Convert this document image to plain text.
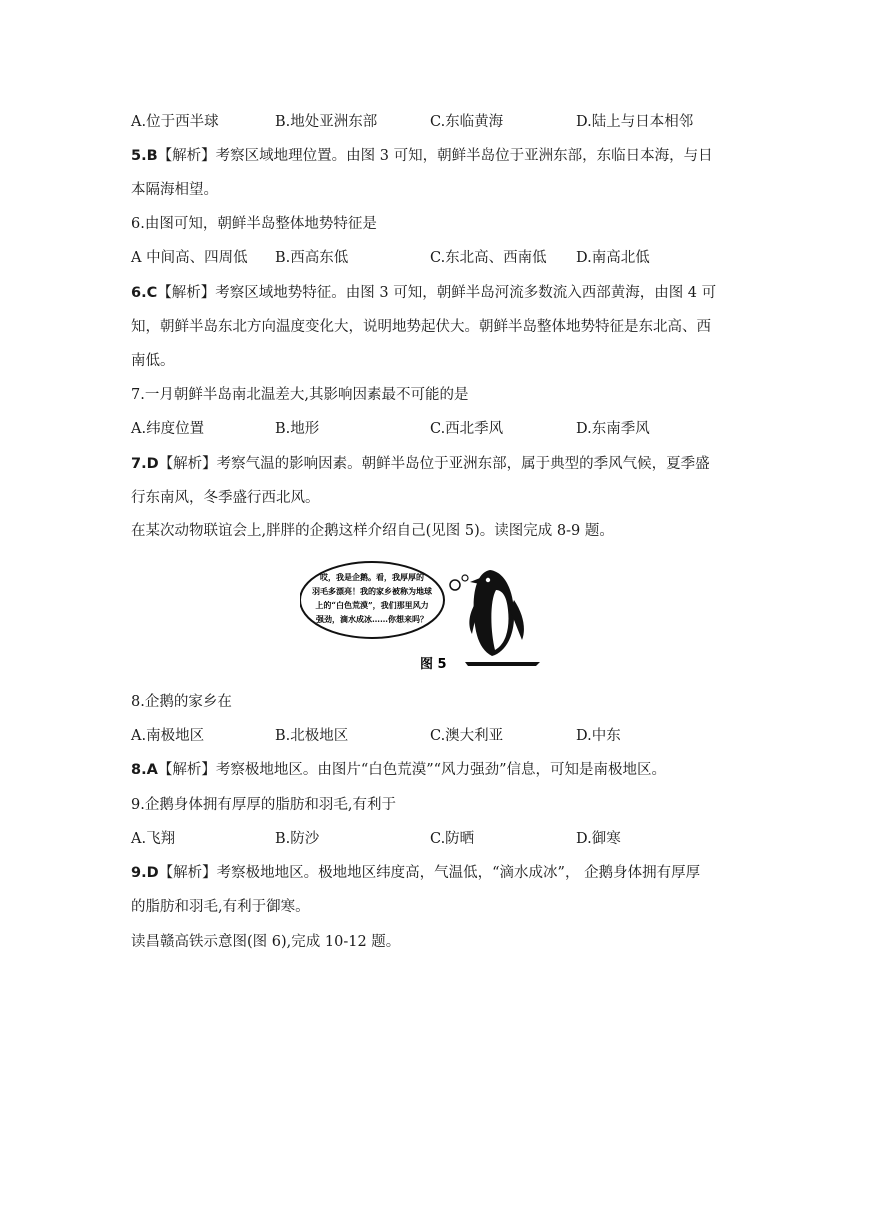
A.位于西半球	B.地处亚洲东部	C.东临黄海	D.陆上与日本相邻
5.B【解析】考察区域地理位置。由图 3 可知，朝鲜半岛位于亚洲东部，东临日本海，与日
本隔海相望。
6.由图可知，朝鲜半岛整体地势特征是
A 中间高、四周低 B.西高东低	C.东北高、西南低 D.南高北低
6.C【解析】考察区域地势特征。由图 3 可知，朝鲜半岛河流多数流入西部黄海，由图 4 可
知，朝鲜半岛东北方向温度变化大，说明地势起伏大。朝鲜半岛整体地势特征是东北高、西
南低。
7.一月朝鲜半岛南北温差大,其影响因素最不可能的是
A.纬度位置	B.地形	C.西北季风	D.东南季风
7.D【解析】考察气温的影响因素。朝鲜半岛位于亚洲东部，属于典型的季风气候，夏季盛
行东南风，冬季盛行西北风。
在某次动物联谊会上,胖胖的企鹅这样介绍自己(见图 5)。读图完成 8-9 题。
哎，我是企鹅。看，我厚厚的
羽毛多漂亮！我的家乡被称为地球
上的“白色荒漠”，我们那里风力
强劲，滴水成冰……你想来吗？
图 5
8.企鹅的家乡在
A.南极地区	B.北极地区	C.澳大利亚	D.中东
8.A【解析】考察极地地区。由图片“白色荒漠”“风力强劲”信息，可知是南极地区。
9.企鹅身体拥有厚厚的脂肪和羽毛,有利于
A.飞翔	B.防沙	C.防晒	D.御寒
9.D【解析】考察极地地区。极地地区纬度高，气温低，“滴水成冰”， 企鹅身体拥有厚厚
的脂肪和羽毛,有利于御寒。
读昌赣高铁示意图(图 6),完成 10-12 题。
